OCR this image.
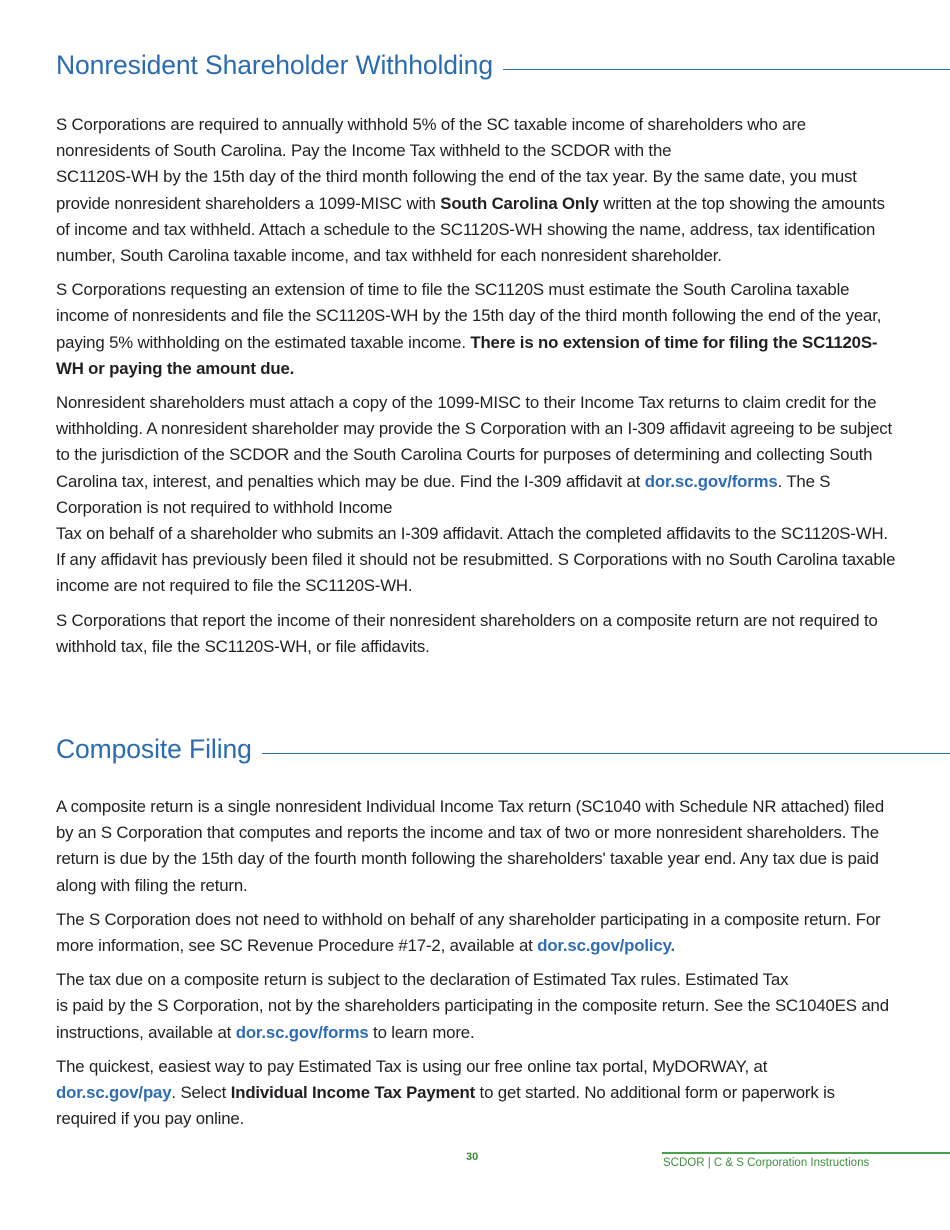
Nonresident Shareholder Withholding

S Corporations are required to annually withhold 5% of the SC taxable income of shareholders who are nonresidents of South Carolina. Pay the Income Tax withheld to the SCDOR with the
SC1120S-WH by the 15th day of the third month following the end of the tax year. By the same date, you must provide nonresident shareholders a 1099-MISC with South Carolina Only written at the top showing the amounts of income and tax withheld. Attach a schedule to the SC1120S-WH showing the name, address, tax identification number, South Carolina taxable income, and tax withheld for each nonresident shareholder.

S Corporations requesting an extension of time to file the SC1120S must estimate the South Carolina taxable income of nonresidents and file the SC1120S-WH by the 15th day of the third month following the end of the year, paying 5% withholding on the estimated taxable income. There is no extension of time for filing the SC1120S-WH or paying the amount due.

Nonresident shareholders must attach a copy of the 1099-MISC to their Income Tax returns to claim credit for the withholding. A nonresident shareholder may provide the S Corporation with an I-309 affidavit agreeing to be subject to the jurisdiction of the SCDOR and the South Carolina Courts for purposes of determining and collecting South Carolina tax, interest, and penalties which may be due. Find the I-309 affidavit at dor.sc.gov/forms. The S Corporation is not required to withhold Income
Tax on behalf of a shareholder who submits an I-309 affidavit. Attach the completed affidavits to the SC1120S-WH. If any affidavit has previously been filed it should not be resubmitted. S Corporations with no South Carolina taxable income are not required to file the SC1120S-WH.

S Corporations that report the income of their nonresident shareholders on a composite return are not required to withhold tax, file the SC1120S-WH, or file affidavits.

Composite Filing

A composite return is a single nonresident Individual Income Tax return (SC1040 with Schedule NR attached) filed by an S Corporation that computes and reports the income and tax of two or more nonresident shareholders. The return is due by the 15th day of the fourth month following the shareholders' taxable year end. Any tax due is paid along with filing the return.

The S Corporation does not need to withhold on behalf of any shareholder participating in a composite return. For more information, see SC Revenue Procedure #17-2, available at dor.sc.gov/policy.

The tax due on a composite return is subject to the declaration of Estimated Tax rules. Estimated Tax
is paid by the S Corporation, not by the shareholders participating in the composite return. See the SC1040ES and instructions, available at dor.sc.gov/forms to learn more.

The quickest, easiest way to pay Estimated Tax is using our free online tax portal, MyDORWAY, at
dor.sc.gov/pay. Select Individual Income Tax Payment to get started. No additional form or paperwork is required if you pay online.

30	SCDOR | C & S Corporation Instructions
